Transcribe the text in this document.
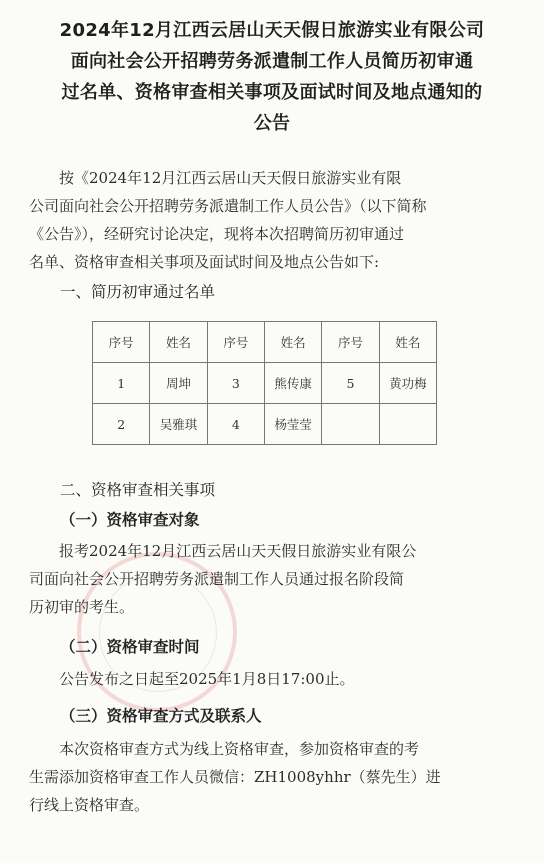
2024年12月江西云居山天天假日旅游实业有限公司
面向社会公开招聘劳务派遣制工作人员简历初审通
过名单、资格审查相关事项及面试时间及地点通知的
公告
按《2024年12月江西云居山天天假日旅游实业有限
公司面向社会公开招聘劳务派遣制工作人员公告》（以下简称
《公告》），经研究讨论决定，现将本次招聘简历初审通过
名单、资格审查相关事项及面试时间及地点公告如下:
一、简历初审通过名单
序号	姓名	序号	姓名	序号	姓名
1	周坤	3	熊传康	5	黄功梅
2	吴雅琪	4	杨莹莹		
二、资格审查相关事项
（一）资格审查对象
报考2024年12月江西云居山天天假日旅游实业有限公
司面向社会公开招聘劳务派遣制工作人员通过报名阶段简
历初审的考生。
（二）资格审查时间
公告发布之日起至2025年1月8日17:00止。
（三）资格审查方式及联系人
本次资格审查方式为线上资格审查，参加资格审查的考
生需添加资格审查工作人员微信：ZH1008yhhr（蔡先生）进
行线上资格审查。
